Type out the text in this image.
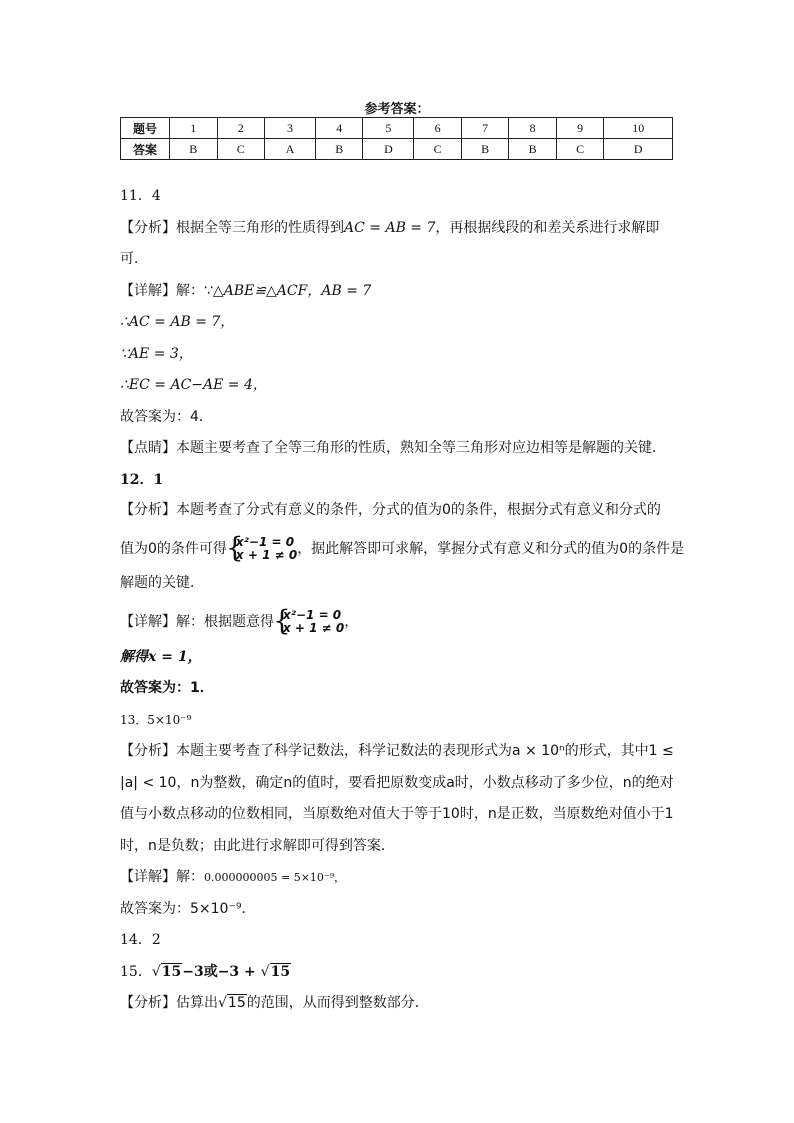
参考答案：
题号	1	2	3	4	5	6	7	8	9	10
答案	B	C	A	B	D	C	B	B	C	D
11．4
【分析】根据全等三角形的性质得到AC = AB = 7，再根据线段的和差关系进行求解即
可．
【详解】解：∵△ABE≌△ACF，AB = 7
∴AC = AB = 7，
∵AE = 3，
∴EC = AC−AE = 4，
故答案为：4．
【点睛】本题主要考查了全等三角形的性质，熟知全等三角形对应边相等是解题的关键．
12．1
【分析】本题考查了分式有意义的条件，分式的值为0的条件，根据分式有意义和分式的
值为0的条件可得 {
x²−1 = 0
x + 1 ≠ 0 ，据此解答即可求解，掌握分式有意义和分式的值为0的条件是
解题的关键．
【详解】解：根据题意得 {
x²−1 = 0
x + 1 ≠ 0 ，
解得x = 1，
故答案为：1．
13．5×10⁻⁹
【分析】本题主要考查了科学记数法，科学记数法的表现形式为a × 10ⁿ的形式，其中1 ≤
|a| < 10，n为整数，确定n的值时，要看把原数变成a时，小数点移动了多少位，n的绝对
值与小数点移动的位数相同，当原数绝对值大于等于10时，n是正数，当原数绝对值小于1
时，n是负数；由此进行求解即可得到答案．
【详解】解：0.000000005 = 5×10⁻⁹，
故答案为：5×10⁻⁹．
14．2
15．√15−3或−3 + √15
【分析】估算出√15的范围，从而得到整数部分．
